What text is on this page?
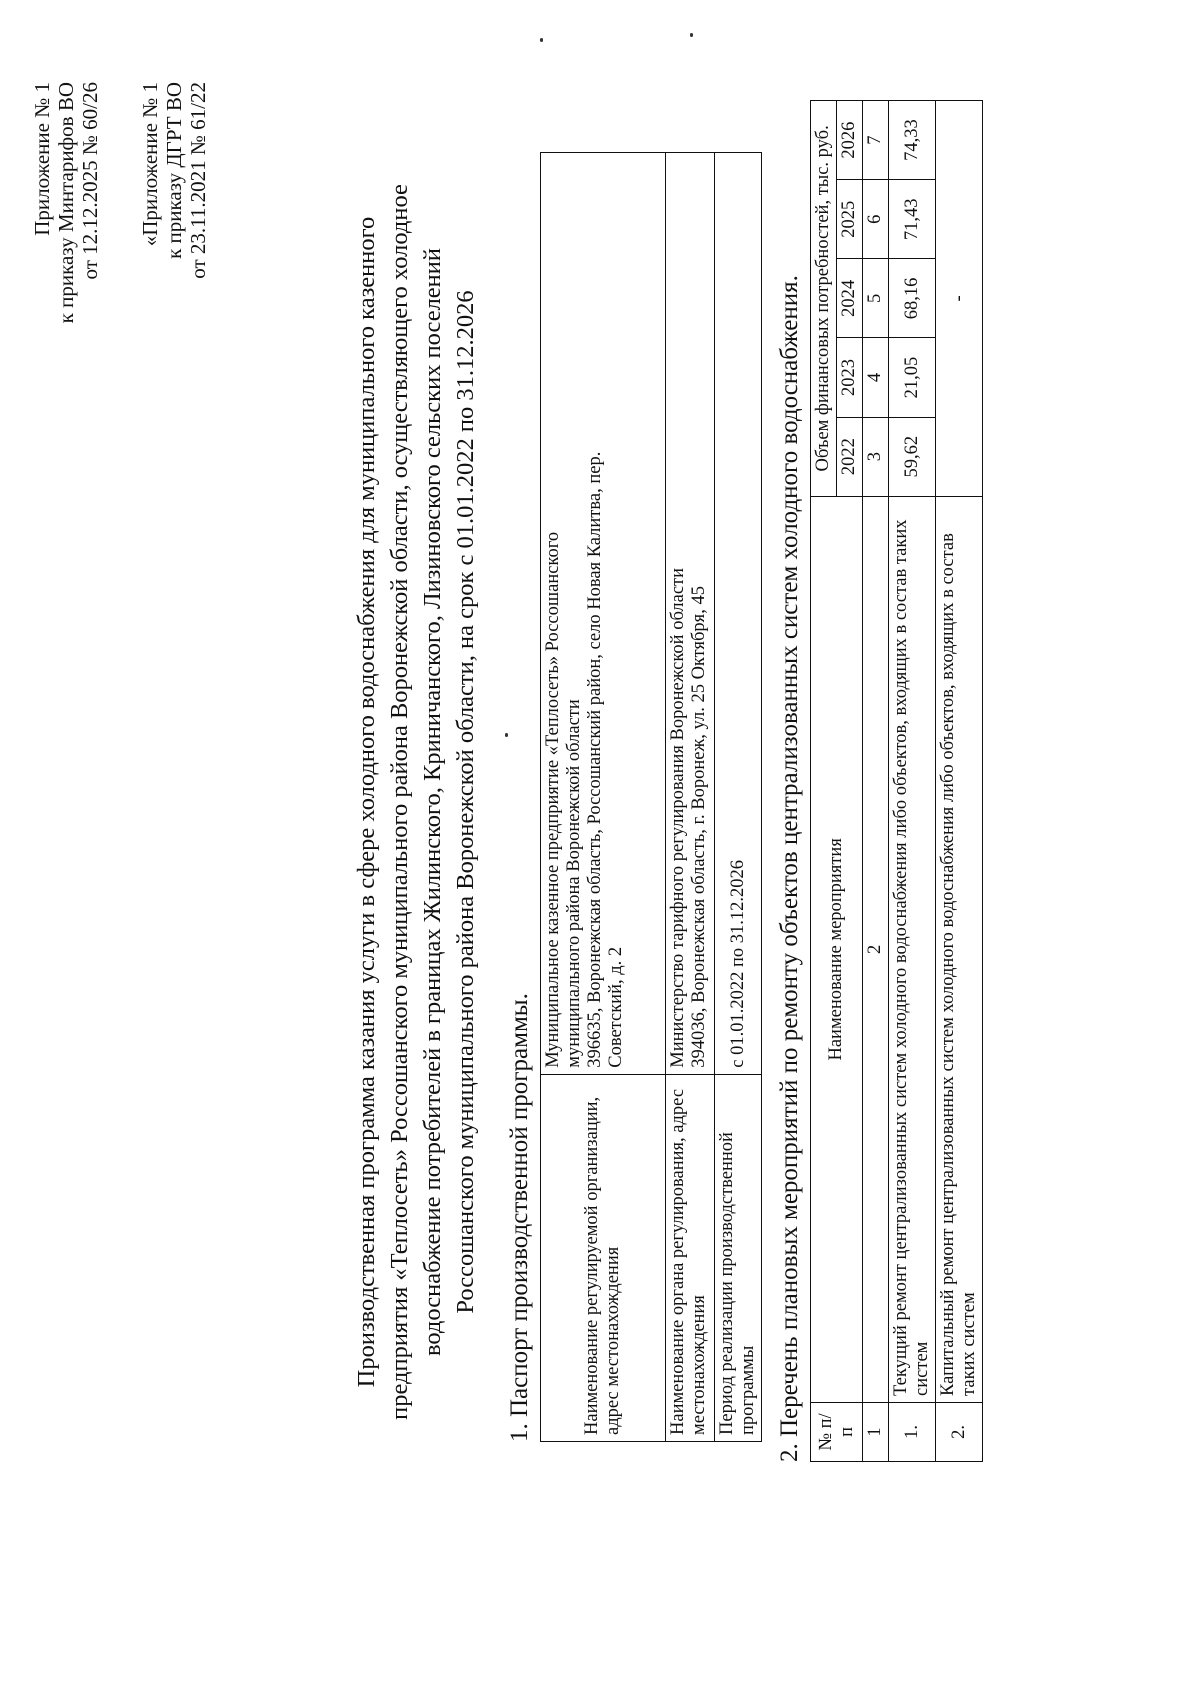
Приложение № 1 к приказу Минтарифов ВО от 12.12.2025 № 60/26 «Приложение № 1 к приказу ДГРТ ВО от 23.11.2021 № 61/22
Производственная программа казания услуги в сфере холодного водоснабжения для муниципального казенного предприятия «Теплосеть» Россошанского муниципального района Воронежской области, осуществляющего холодное водоснабжение потребителей в границах Жилинского, Криничанского, Лизиновского сельских поселений Россошанского муниципального района Воронежской области, на срок с 01.01.2022 по 31.12.2026 1. Паспорт производственной программы.	Наименование регулируемой организации, адрес местонахождения	Муниципальное казенное предприятие «Теплосеть» Россошанского муниципального района Воронежской области 396635, Воронежская область, Россошанский район, село Новая Калитва, пер. Советский, д. 2

Наименование органа регулирования, адрес местонахождения	Министерство тарифного регулирования Воронежской области 394036, Воронежская область, г. Воронеж, ул. 25 Октября, 45

Период реализации производственной программы	с 01.01.2022 по 31.12.2026 2. Перечень плановых мероприятий по ремонту объектов централизованных систем холодного водоснабжения. № п/п	Наименование мероприятия	Объем финансовых потребностей, тыс. руб.				
		2022	2023	2024	2025	2026
1	2	3	4	5	6	7
1.	Текущий ремонт централизованных систем холодного водоснабжения либо объектов, входящих в состав таких систем	59,62	21,05	68,16	71,43	74,33
2.	Капитальный ремонт централизованных систем холодного водоснабжения либо объектов, входящих в состав таких систем	-				
